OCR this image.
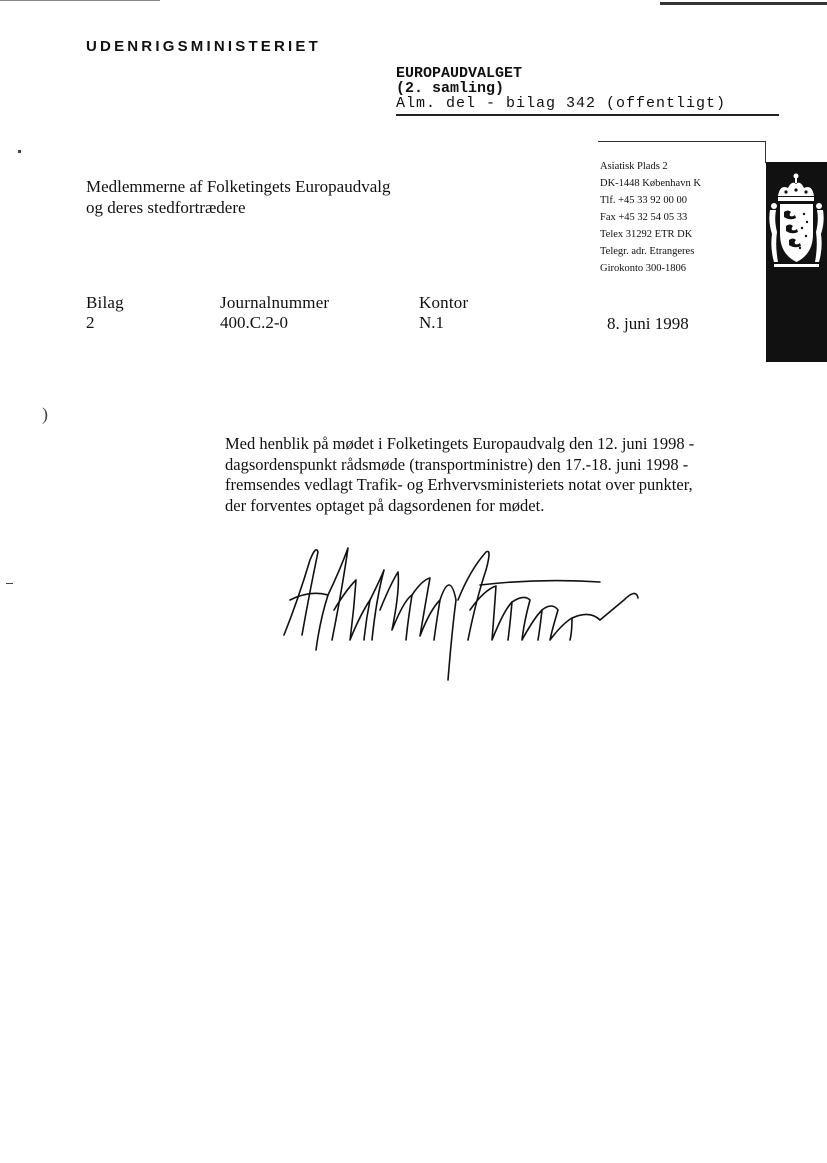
UDENRIGSMINISTERIET
EUROPAUDVALGET
(2. samling)
Alm. del - bilag 342 (offentligt)
Medlemmerne af Folketingets Europaudvalg
og deres stedfortrædere
Asiatisk Plads 2
DK-1448 København K
Tlf. +45 33 92 00 00
Fax +45 32 54 05 33
Telex 31292 ETR DK
Telegr. adr. Etrangeres
Girokonto 300-1806
Bilag
2
Journalnummer
400.C.2-0
Kontor
N.1	8. juni 1998

Med henblik på mødet i Folketingets Europaudvalg den 12. juni 1998 -

dagsordenspunkt rådsmøde (transportministre) den 17.-18. juni 1998 -

fremsendes vedlagt Trafik- og Erhvervsministeriets notat over punkter,

der forventes optaget på dagsordenen for mødet.

)
